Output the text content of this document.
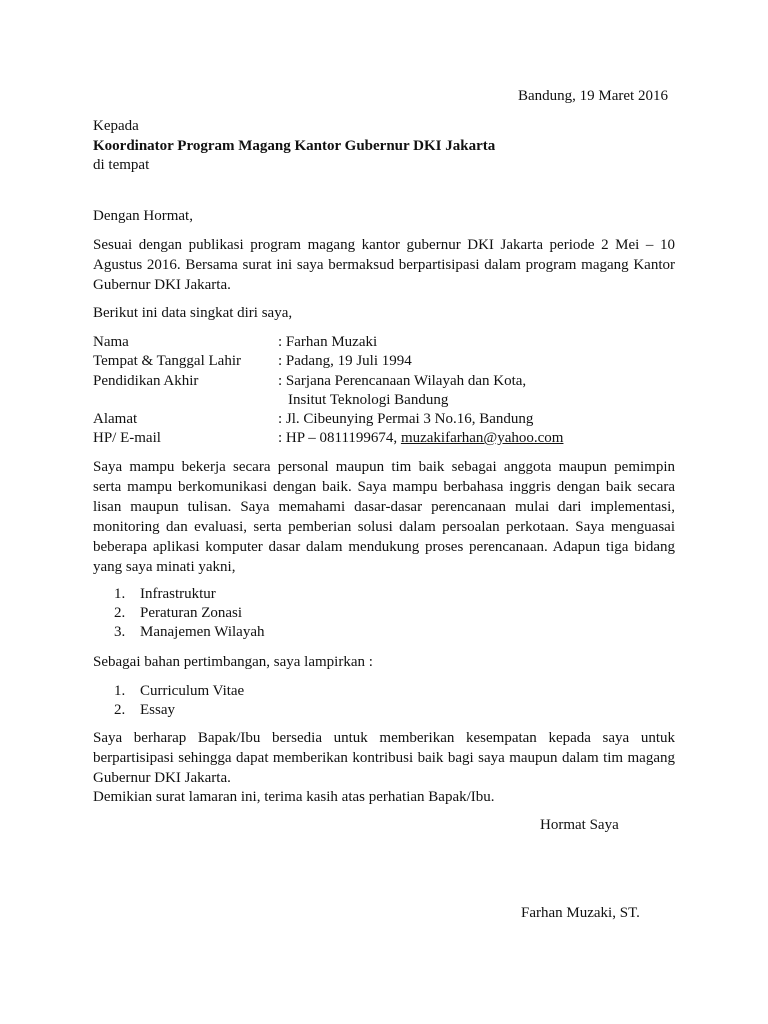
Bandung, 19 Maret 2016
Kepada
Koordinator Program Magang Kantor Gubernur DKI Jakarta
di tempat
Dengan Hormat,
Sesuai dengan publikasi program magang kantor gubernur DKI Jakarta periode 2 Mei – 10
Agustus 2016. Bersama surat ini saya bermaksud berpartisipasi dalam program magang Kantor
Gubernur DKI Jakarta.
Berikut ini data singkat diri saya,
Nama	: Farhan Muzaki
Tempat & Tanggal Lahir : Padang, 19 Juli 1994
Pendidikan Akhir	: Sarjana Perencanaan Wilayah dan Kota,
Insitut Teknologi Bandung
Alamat	: Jl. Cibeunying Permai 3 No.16, Bandung
HP/ E-mail	: HP – 0811199674, muzakifarhan@yahoo.com
Saya mampu bekerja secara personal maupun tim baik sebagai anggota maupun pemimpin
serta mampu berkomunikasi dengan baik. Saya mampu berbahasa inggris dengan baik secara
lisan maupun tulisan. Saya memahami dasar-dasar perencanaan mulai dari implementasi,
monitoring dan evaluasi, serta pemberian solusi dalam persoalan perkotaan. Saya menguasai
beberapa aplikasi komputer dasar dalam mendukung proses perencanaan. Adapun tiga bidang
yang saya minati yakni,
1. Infrastruktur
2. Peraturan Zonasi
3. Manajemen Wilayah
Sebagai bahan pertimbangan, saya lampirkan :
1. Curriculum Vitae
2. Essay
Saya berharap Bapak/Ibu bersedia untuk memberikan kesempatan kepada saya untuk
berpartisipasi sehingga dapat memberikan kontribusi baik bagi saya maupun dalam tim magang
Gubernur DKI Jakarta.
Demikian surat lamaran ini, terima kasih atas perhatian Bapak/Ibu.
Hormat Saya
Farhan Muzaki, ST.
